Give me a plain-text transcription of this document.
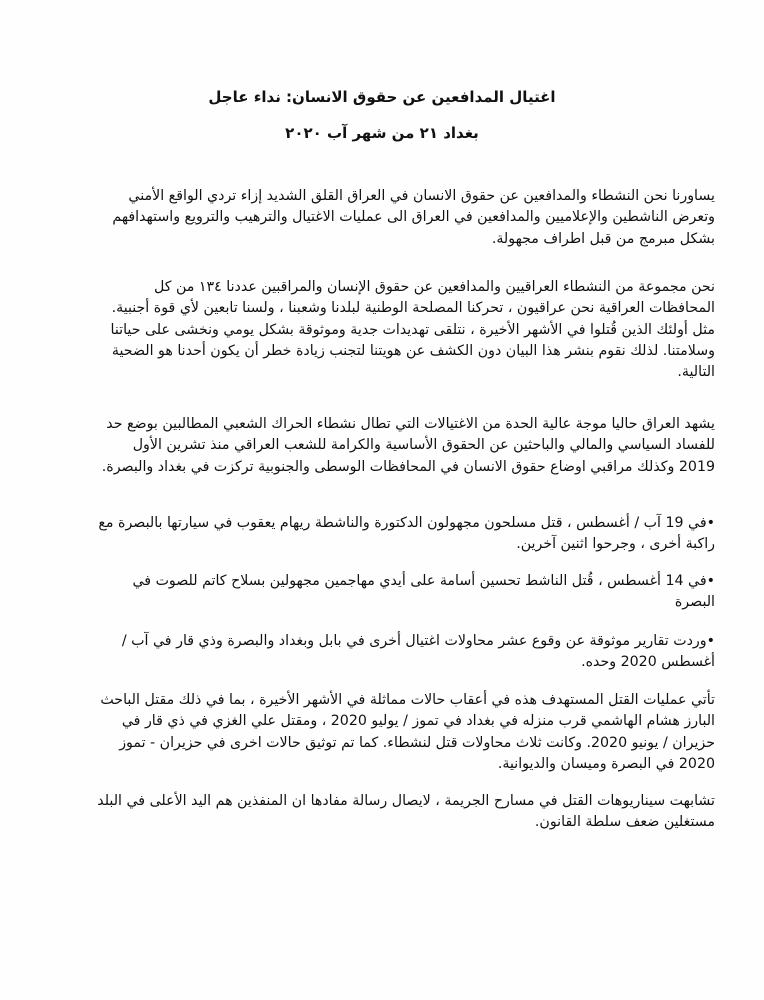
اغتيال المدافعين عن حقوق الانسان: نداء عاجل
بغداد ٢١ من شهر آب ٢٠٢٠

يساورنا نحن النشطاء والمدافعين عن حقوق الانسان في العراق القلق الشديد إزاء تردي الواقع الأمني وتعرض الناشطين والإعلاميين والمدافعين في العراق الى عمليات الاغتيال والترهيب والترويع واستهدافهم بشكل مبرمج من قبل اطراف مجهولة.

نحن مجموعة من النشطاء العراقيين والمدافعين عن حقوق الإنسان والمراقبين عددنا ١٣٤ من كل المحافظات العراقية نحن عراقيون ، تحركنا المصلحة الوطنية لبلدنا وشعبنا ، ولسنا تابعين لأي قوة أجنبية. مثل أولئك الذين قُتلوا في الأشهر الأخيرة ، نتلقى تهديدات جدية وموثوقة بشكل يومي ونخشى على حياتنا وسلامتنا. لذلك نقوم بنشر هذا البيان دون الكشف عن هويتنا لتجنب زيادة خطر أن يكون أحدنا هو الضحية التالية.

يشهد العراق حاليا موجة عالية الحدة من الاغتيالات التي تطال نشطاء الحراك الشعبي المطالبين بوضع حد للفساد السياسي والمالي والباحثين عن الحقوق الأساسية والكرامة للشعب العراقي منذ تشرين الأول 2019 وكذلك مراقبي اوضاع حقوق الانسان في المحافظات الوسطى والجنوبية تركزت في بغداد والبصرة.

• في 19 آب / أغسطس ، قتل مسلحون مجهولون الدكتورة والناشطة ريهام يعقوب في سيارتها بالبصرة مع راكبة أخرى ، وجرحوا اثنين آخرين.
• في 14 أغسطس ، قُتل الناشط تحسين أسامة على أيدي مهاجمين مجهولين بسلاح كاتم للصوت في البصرة
• وردت تقارير موثوقة عن وقوع عشر محاولات اغتيال أخرى في بابل وبغداد والبصرة وذي قار في آب / أغسطس 2020 وحده.

تأتي عمليات القتل المستهدف هذه في أعقاب حالات مماثلة في الأشهر الأخيرة ، بما في ذلك مقتل الباحث البارز هشام الهاشمي قرب منزله في بغداد في تموز / يوليو 2020 ، ومقتل علي الغزي في ذي قار في حزيران / يونيو 2020. وكانت ثلاث محاولات قتل لنشطاء. كما تم توثيق حالات اخرى في حزيران - تموز 2020 في البصرة وميسان والديوانية.

تشابهت سيناريوهات القتل في مسارح الجريمة ، لايصال رسالة مفادها ان المنفذين هم اليد الأعلى في البلد مستغلين ضعف سلطة القانون.
